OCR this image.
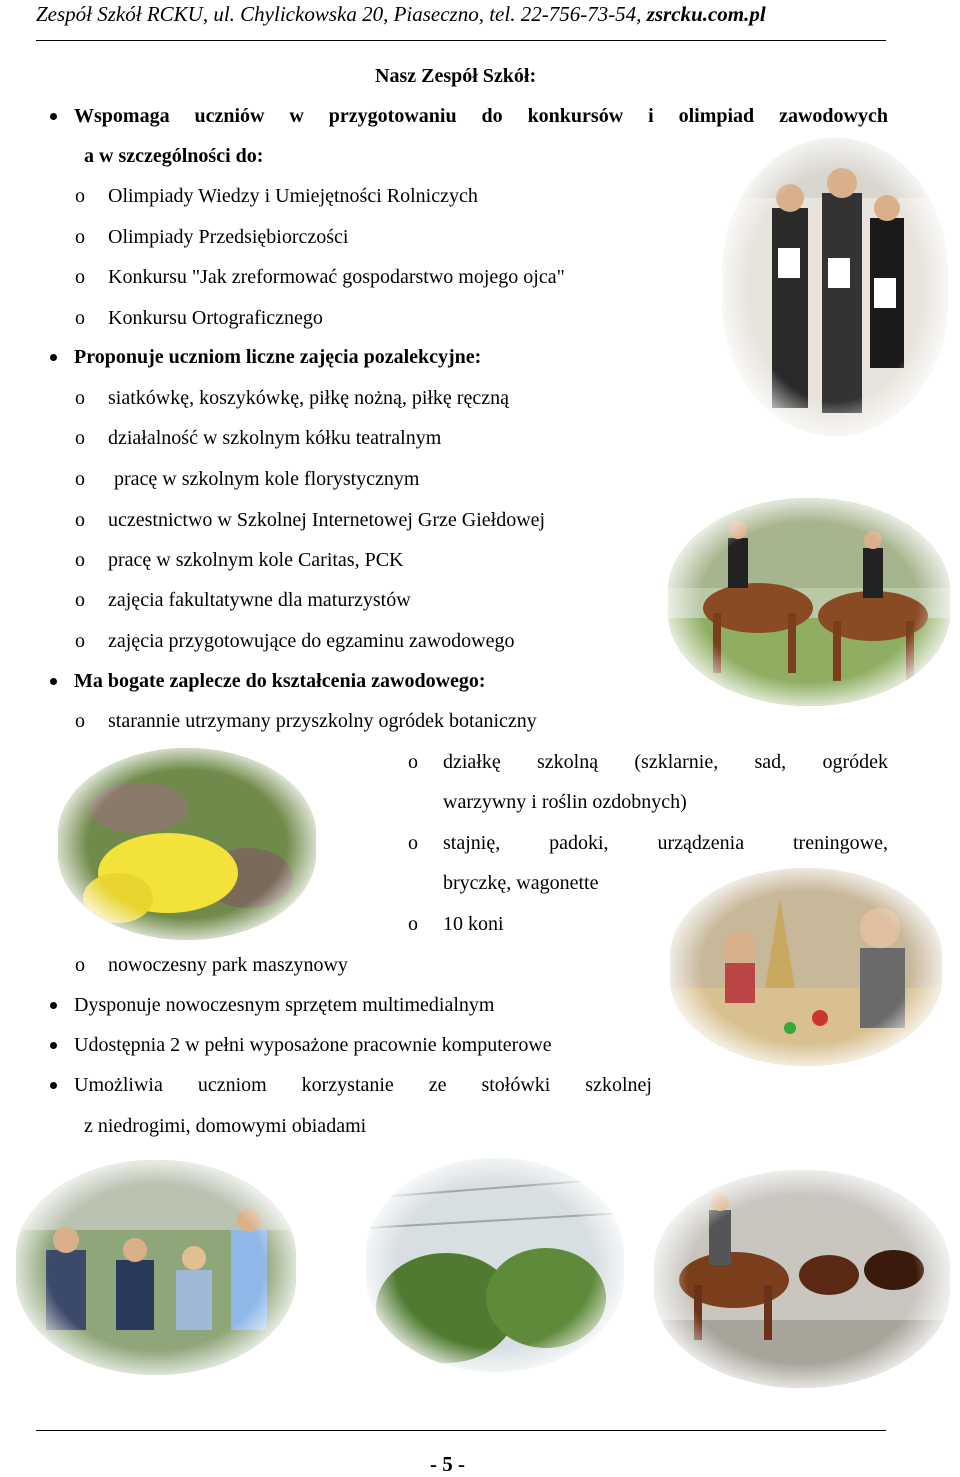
Zespół Szkół RCKU, ul. Chylickowska 20, Piaseczno, tel. 22-756-73-54, zsrcku.com.pl
Nasz Zespół Szkół:
Wspomaga uczniów w przygotowaniu do konkursów i olimpiad zawodowych
a w szczególności do:
o Olimpiady Wiedzy i Umiejętności Rolniczych
o Olimpiady Przedsiębiorczości
o Konkursu "Jak zreformować gospodarstwo mojego ojca"
o Konkursu Ortograficznego
Proponuje uczniom liczne zajęcia pozalekcyjne:
o siatkówkę, koszykówkę, piłkę nożną, piłkę ręczną
o działalność w szkolnym kółku teatralnym
o pracę w szkolnym kole florystycznym
o uczestnictwo w Szkolnej Internetowej Grze Giełdowej
o pracę w szkolnym kole Caritas, PCK
o zajęcia fakultatywne dla maturzystów
o zajęcia przygotowujące do egzaminu zawodowego
Ma bogate zaplecze do kształcenia zawodowego:
o starannie utrzymany przyszkolny ogródek botaniczny
o działkę szkolną (szklarnie, sad, ogródek
warzywny i roślin ozdobnych)
o stajnię, padoki, urządzenia treningowe,
bryczkę, wagonette
o 10 koni
o nowoczesny park maszynowy
Dysponuje nowoczesnym sprzętem multimedialnym
Udostępnia 2 w pełni wyposażone pracownie komputerowe
Umożliwia uczniom korzystanie ze stołówki szkolnej
z niedrogimi, domowymi obiadami
- 5 -
